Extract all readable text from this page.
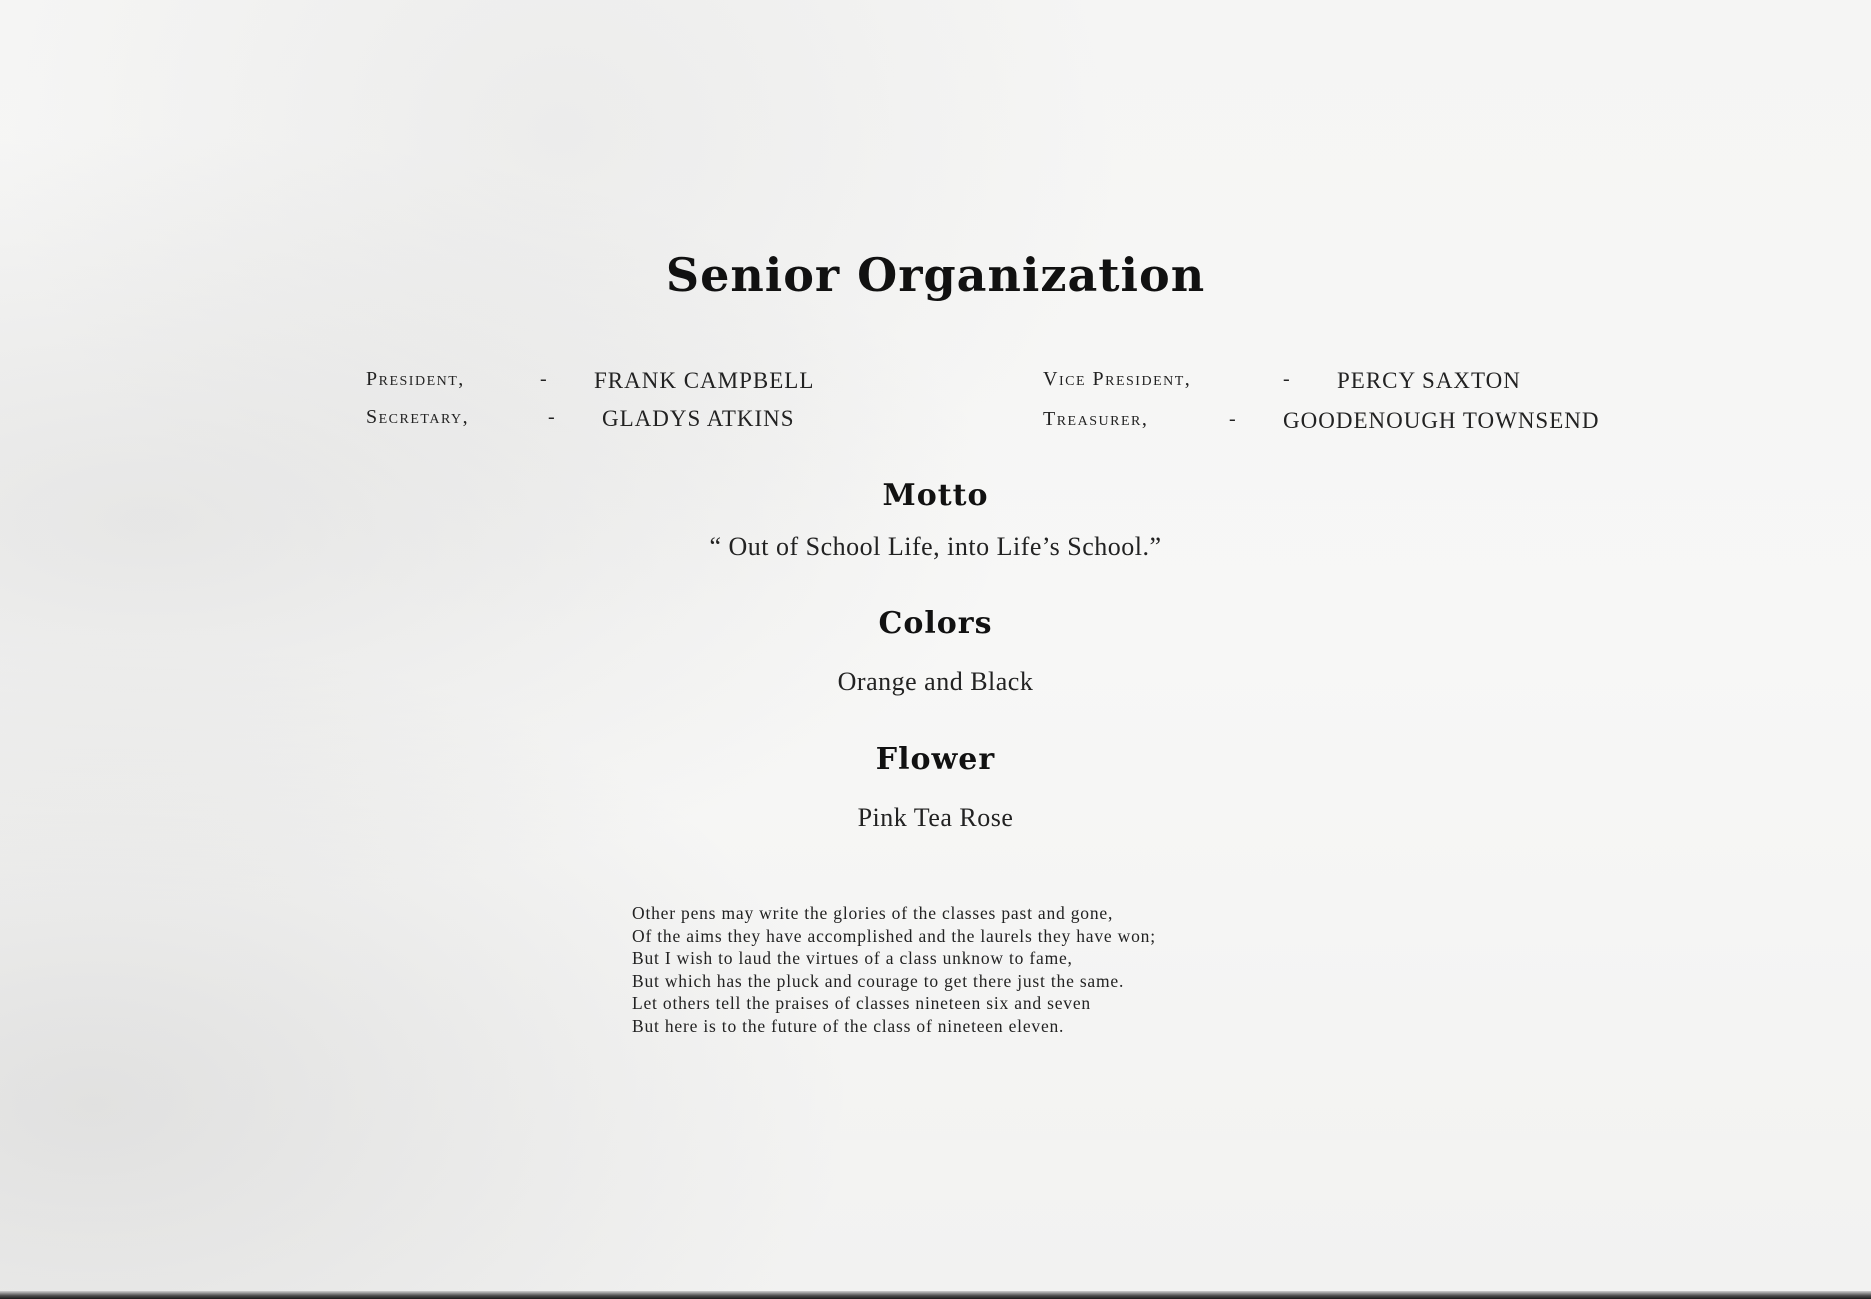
Senior Organization
President,	- FRANK CAMPBELL
Secretary,	- GLADYS ATKINS
Vice President,	- PERCY SAXTON
Treasurer,	- GOODENOUGH TOWNSEND
Motto
“ Out of School Life, into Life’s School.”
Colors
Orange and Black
Flower
Pink Tea Rose
Other pens may write the glories of the classes past and gone,
Of the aims they have accomplished and the laurels they have won;
But I wish to laud the virtues of a class unknow to fame,
But which has the pluck and courage to get there just the same.
Let others tell the praises of classes nineteen six and seven
But here is to the future of the class of nineteen eleven.
